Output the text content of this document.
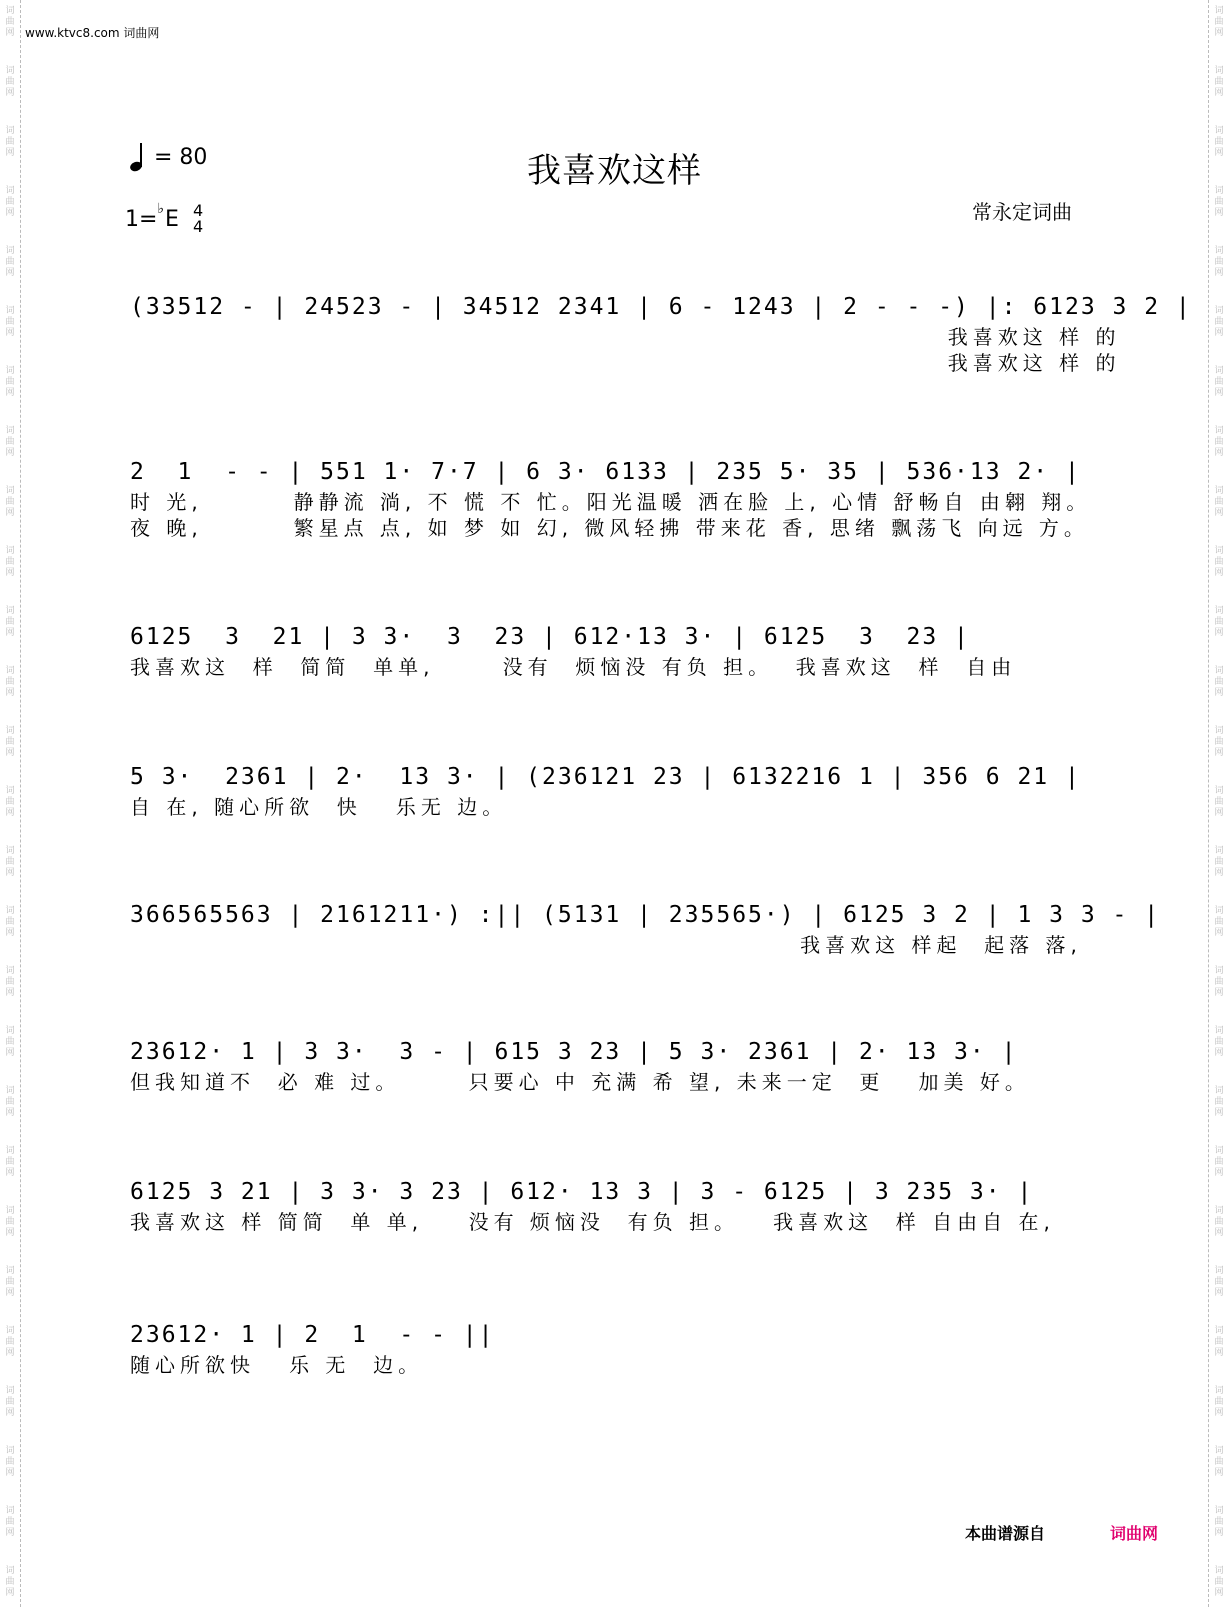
词
曲
网
词
曲
网
词
曲
网
词
曲
网
词
曲
网
词
曲
网
词
曲
网
词
曲
网
词
曲
网
词
曲
网
词
曲
网
词
曲
网
词
曲
网
词
曲
网
词
曲
网
词
曲
网
词
曲
网
词
曲
网
词
曲
网
词
曲
网
词
曲
网
词
曲
网
词
曲
网
词
曲
网
词
曲
网
词
曲
网
词
曲
网
词
曲
网
词
曲
网
词
曲
网
词
曲
网
词
曲
网
词
曲
网
词
曲
网
词
曲
网
词
曲
网
词
曲
网
词
曲
网
词
曲
网
词
曲
网
词
曲
网
词
曲
网
词
曲
网
词
曲
网
词
曲
网
词
曲
网
词
曲
网
词
曲
网
词
曲
网
词
曲
网
词
曲
网
词
曲
网
词
曲
网
词
曲
网
www.ktvc8.com 词曲网
= 80
1= ♭ E 4
4
我喜欢这样
常永定词曲
(33512 - | 24523 - | 34512 2341 | 6 - 1243 | 2 - - -) |: 6123 3 2 |
我喜欢这 样 的
我喜欢这 样 的
2  1  - - | 551 1· 7·7 | 6 3· 6133 | 235 5· 35 | 536·13 2· |
时 光,        静静流 淌, 不 慌 不 忙。阳光温暖 洒在脸 上, 心情 舒畅自 由翱 翔。
夜 晚,        繁星点 点, 如 梦 如 幻, 微风轻拂 带来花 香, 思绪 飘荡飞 向远 方。
6125  3  21 | 3 3·  3  23 | 612·13 3· | 6125  3  23 |
我喜欢这  样  简简  单单,      没有  烦恼没 有负 担。  我喜欢这  样  自由
5 3·  2361 | 2·  13 3· | (236121 23 | 6132216 1 | 356 6 21 |
自 在, 随心所欲  快   乐无 边。
366565563 | 2161211·) :|| (5131 | 235565·) | 6125 3 2 | 1 3 3 - |
我喜欢这 样起  起落 落,
23612· 1 | 3 3·  3 - | 615 3 23 | 5 3· 2361 | 2· 13 3· |
但我知道不  必 难 过。      只要心 中 充满 希 望, 未来一定  更   加美 好。
6125 3 21 | 3 3· 3 23 | 612· 13 3 | 3 - 6125 | 3 235 3· |
我喜欢这 样 简简  单 单,    没有 烦恼没  有负 担。   我喜欢这  样 自由自 在,
23612· 1 | 2  1  - - ||
随心所欲快   乐 无  边。
本曲谱源自	词曲网
